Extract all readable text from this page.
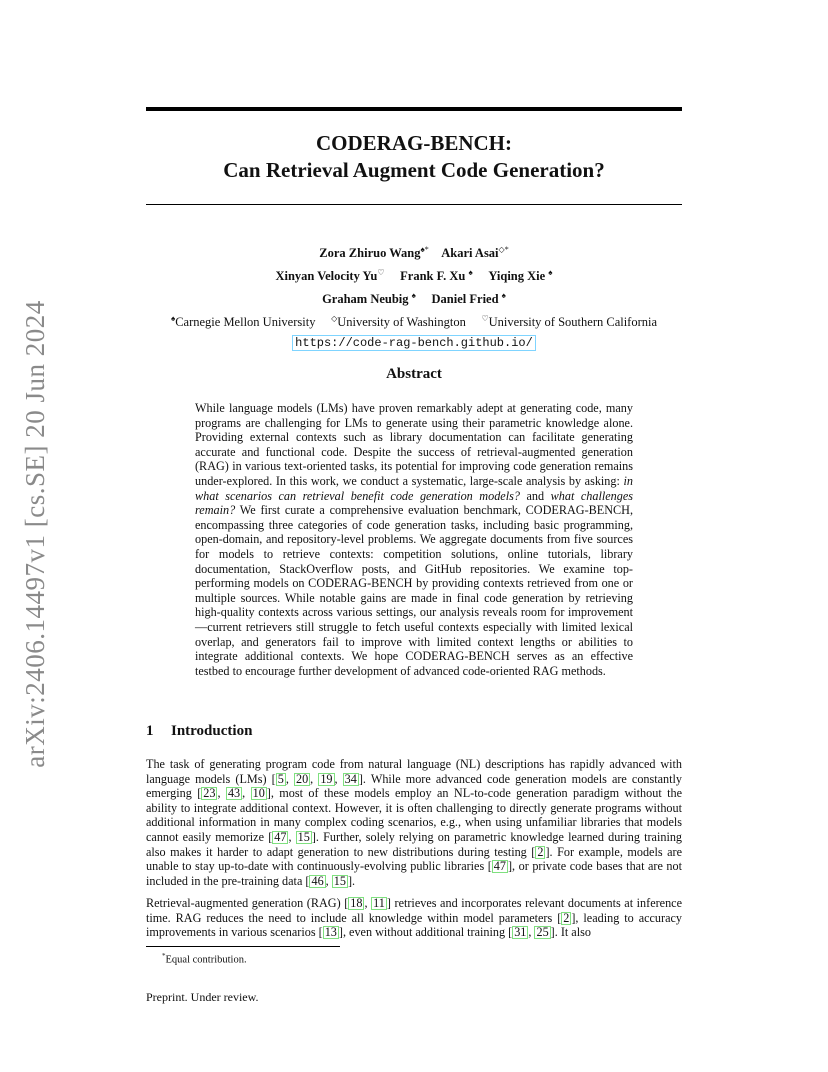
arXiv:2406.14497v1 [cs.SE] 20 Jun 2024
CODERAG-BENCH:
Can Retrieval Augment Code Generation?
Zora Zhiruo Wang♠* Akari Asai◇*
Xinyan Velocity Yu♡ Frank F. Xu ♠ Yiqing Xie ♠
Graham Neubig ♠ Daniel Fried ♠
♠Carnegie Mellon University ◇University of Washington ♡University of Southern California
https://code-rag-bench.github.io/
Abstract
While language models (LMs) have proven remarkably adept at generating code, many programs are challenging for LMs to generate using their parametric knowledge alone. Providing external contexts such as library documentation can facilitate generating accurate and functional code. Despite the success of retrieval-augmented generation (RAG) in various text-oriented tasks, its potential for improving code generation remains under-explored. In this work, we conduct a systematic, large-scale analysis by asking: in what scenarios can retrieval benefit code generation models? and what challenges remain? We first curate a comprehensive evaluation benchmark, CODERAG-BENCH, encompassing three categories of code generation tasks, including basic programming, open-domain, and repository-level problems. We aggregate documents from five sources for models to retrieve contexts: competition solutions, online tutorials, library documentation, StackOverflow posts, and GitHub repositories. We examine top-performing models on CODERAG-BENCH by providing contexts retrieved from one or multiple sources. While notable gains are made in final code generation by retrieving high-quality contexts across various settings, our analysis reveals room for improvement—current retrievers still struggle to fetch useful contexts especially with limited lexical overlap, and generators fail to improve with limited context lengths or abilities to integrate additional contexts. We hope CODERAG-BENCH serves as an effective testbed to encourage further development of advanced code-oriented RAG methods.
1 Introduction
The task of generating program code from natural language (NL) descriptions has rapidly advanced with language models (LMs) [ 5 , 20 , 19 , 34 ]. While more advanced code generation models are constantly emerging [ 23 , 43 , 10 ], most of these models employ an NL-to-code generation paradigm without the ability to integrate additional context. However, it is often challenging to directly generate programs without additional information in many complex coding scenarios, e.g., when using unfamiliar libraries that models cannot easily memorize [ 47 , 15 ]. Further, solely relying on parametric knowledge learned during training also makes it harder to adapt generation to new distributions during testing [ 2 ]. For example, models are unable to stay up-to-date with continuously-evolving public libraries [ 47 ], or private code bases that are not included in the pre-training data [ 46 , 15 ].
Retrieval-augmented generation (RAG) [ 18 , 11 ] retrieves and incorporates relevant documents at inference time. RAG reduces the need to include all knowledge within model parameters [ 2 ], leading to accuracy improvements in various scenarios [ 13 ], even without additional training [ 31 , 25 ]. It also
*Equal contribution.
Preprint. Under review.
